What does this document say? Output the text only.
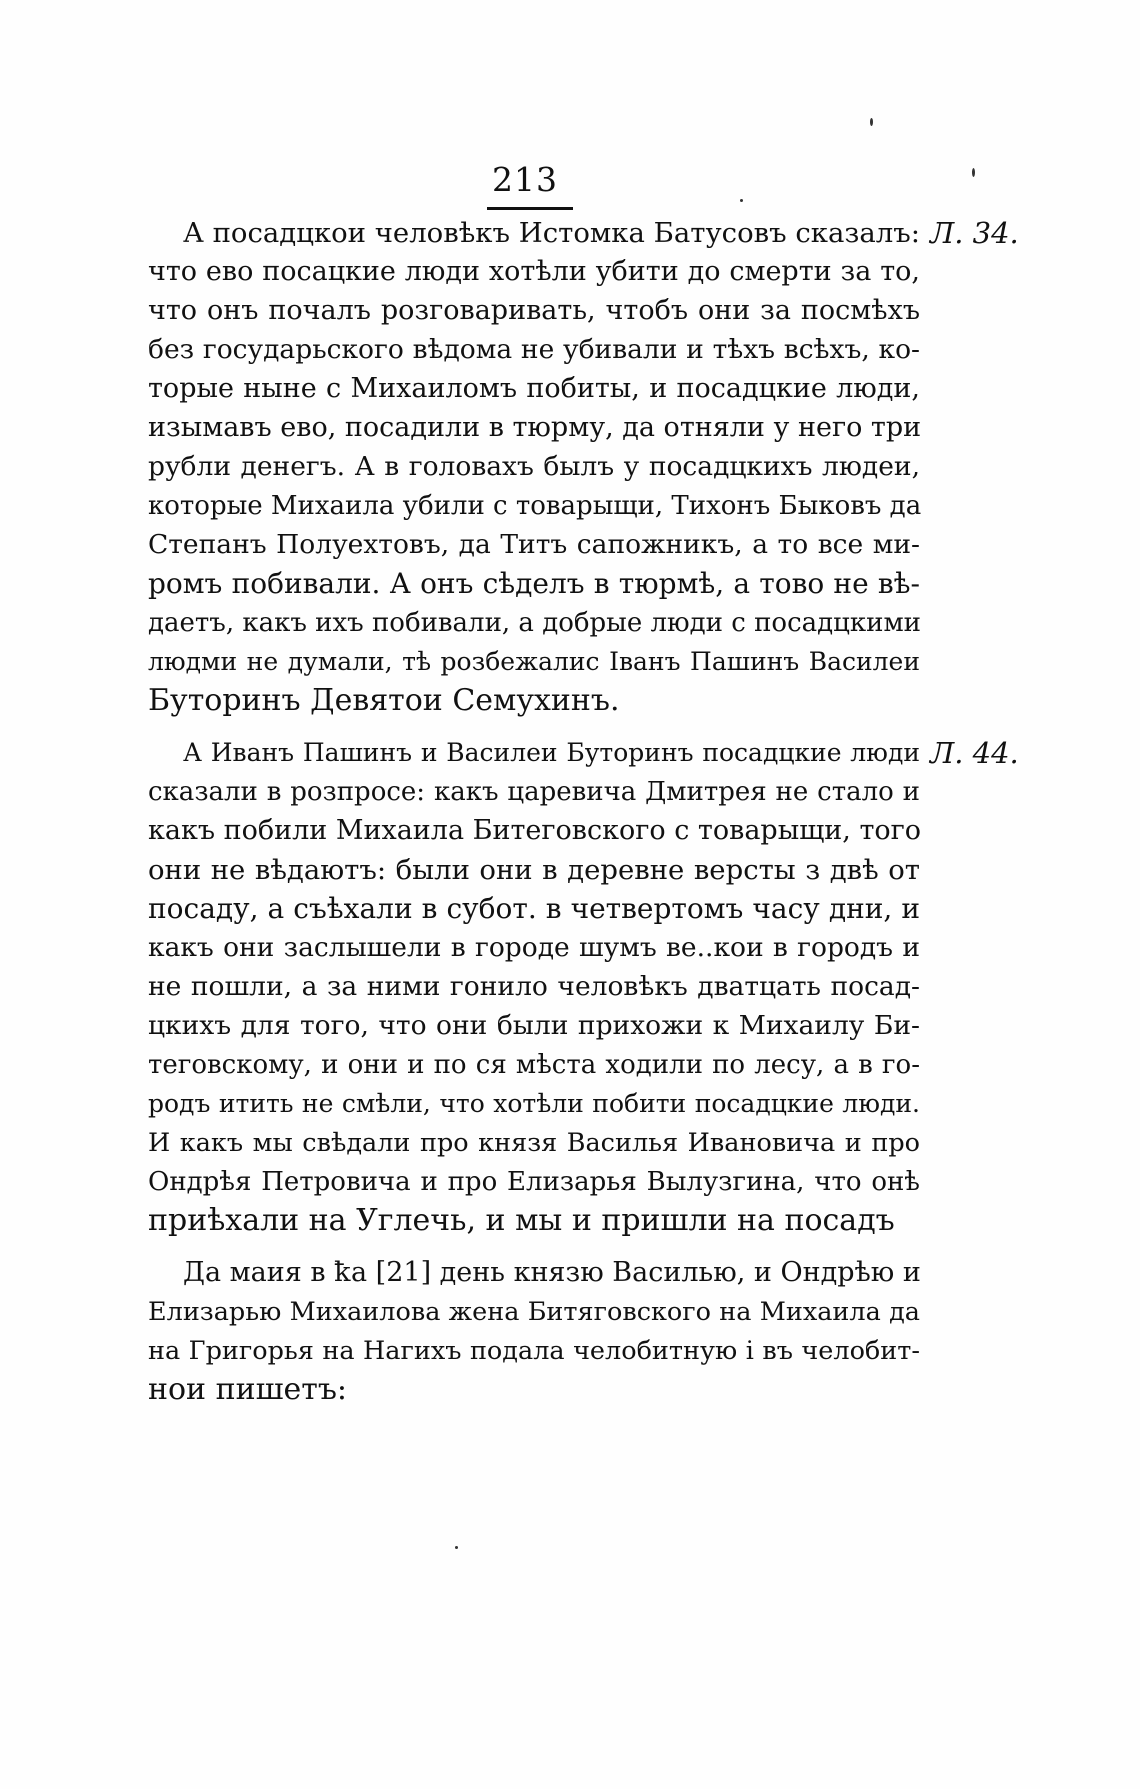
213
А посадцкои человѣкъ Истомка Батусовъ сказалъ: Л. 34.
что ево посацкие люди хотѣли убити до смерти за то,
что онъ почалъ розговаривать, чтобъ они за посмѣхъ
без государьского вѣдома не убивали и тѣхъ всѣхъ, ко-
торые ныне с Михаиломъ побиты, и посадцкие люди,
изымавъ ево, посадили в тюрму, да отняли у него три
рубли денегъ. А в головахъ былъ у посадцкихъ людеи,
которые Михаила убили с товарыщи, Тихонъ Быковъ да
Степанъ Полуехтовъ, да Титъ сапожникъ, а то все ми-
ромъ побивали. А онъ сѣделъ в тюрмѣ, а тово не вѣ-
даетъ, какъ ихъ побивали, а добрые люди с посадцкими
людми не думали, тѣ розбежалис Іванъ Пашинъ Василеи
Буторинъ Девятои Семухинъ.
А Иванъ Пашинъ и Василеи Буторинъ посадцкие люди Л. 44.
сказали в розпросе: какъ царевича Дмитрея не стало и
какъ побили Михаила Битеговского с товарыщи, того
они не вѣдаютъ: были они в деревне версты з двѣ от
посаду, а съѣхали в субот. в четвертомъ часу дни, и
какъ они заслышели в городе шумъ ве..кои в городъ и
не пошли, а за ними гонило человѣкъ дватцать посад-
цкихъ для того, что они были прихожи к Михаилу Би-
теговскому, и они и по ся мѣста ходили по лесу, а в го-
родъ итить не смѣли, что хотѣли побити посадцкие люди.
И какъ мы свѣдали про князя Василья Ивановича и про
Ондрѣя Петровича и про Елизарья Вылузгина, что онѣ
приѣхали на Углечь, и мы и пришли на посадъ
Да маия в ҟа [21] день князю Василью, и Ондрѣю и
Елизарью Михаилова жена Битяговского на Михаила да
на Григорья на Нагихъ подала челобитную і въ челобит-
нои пишетъ:
